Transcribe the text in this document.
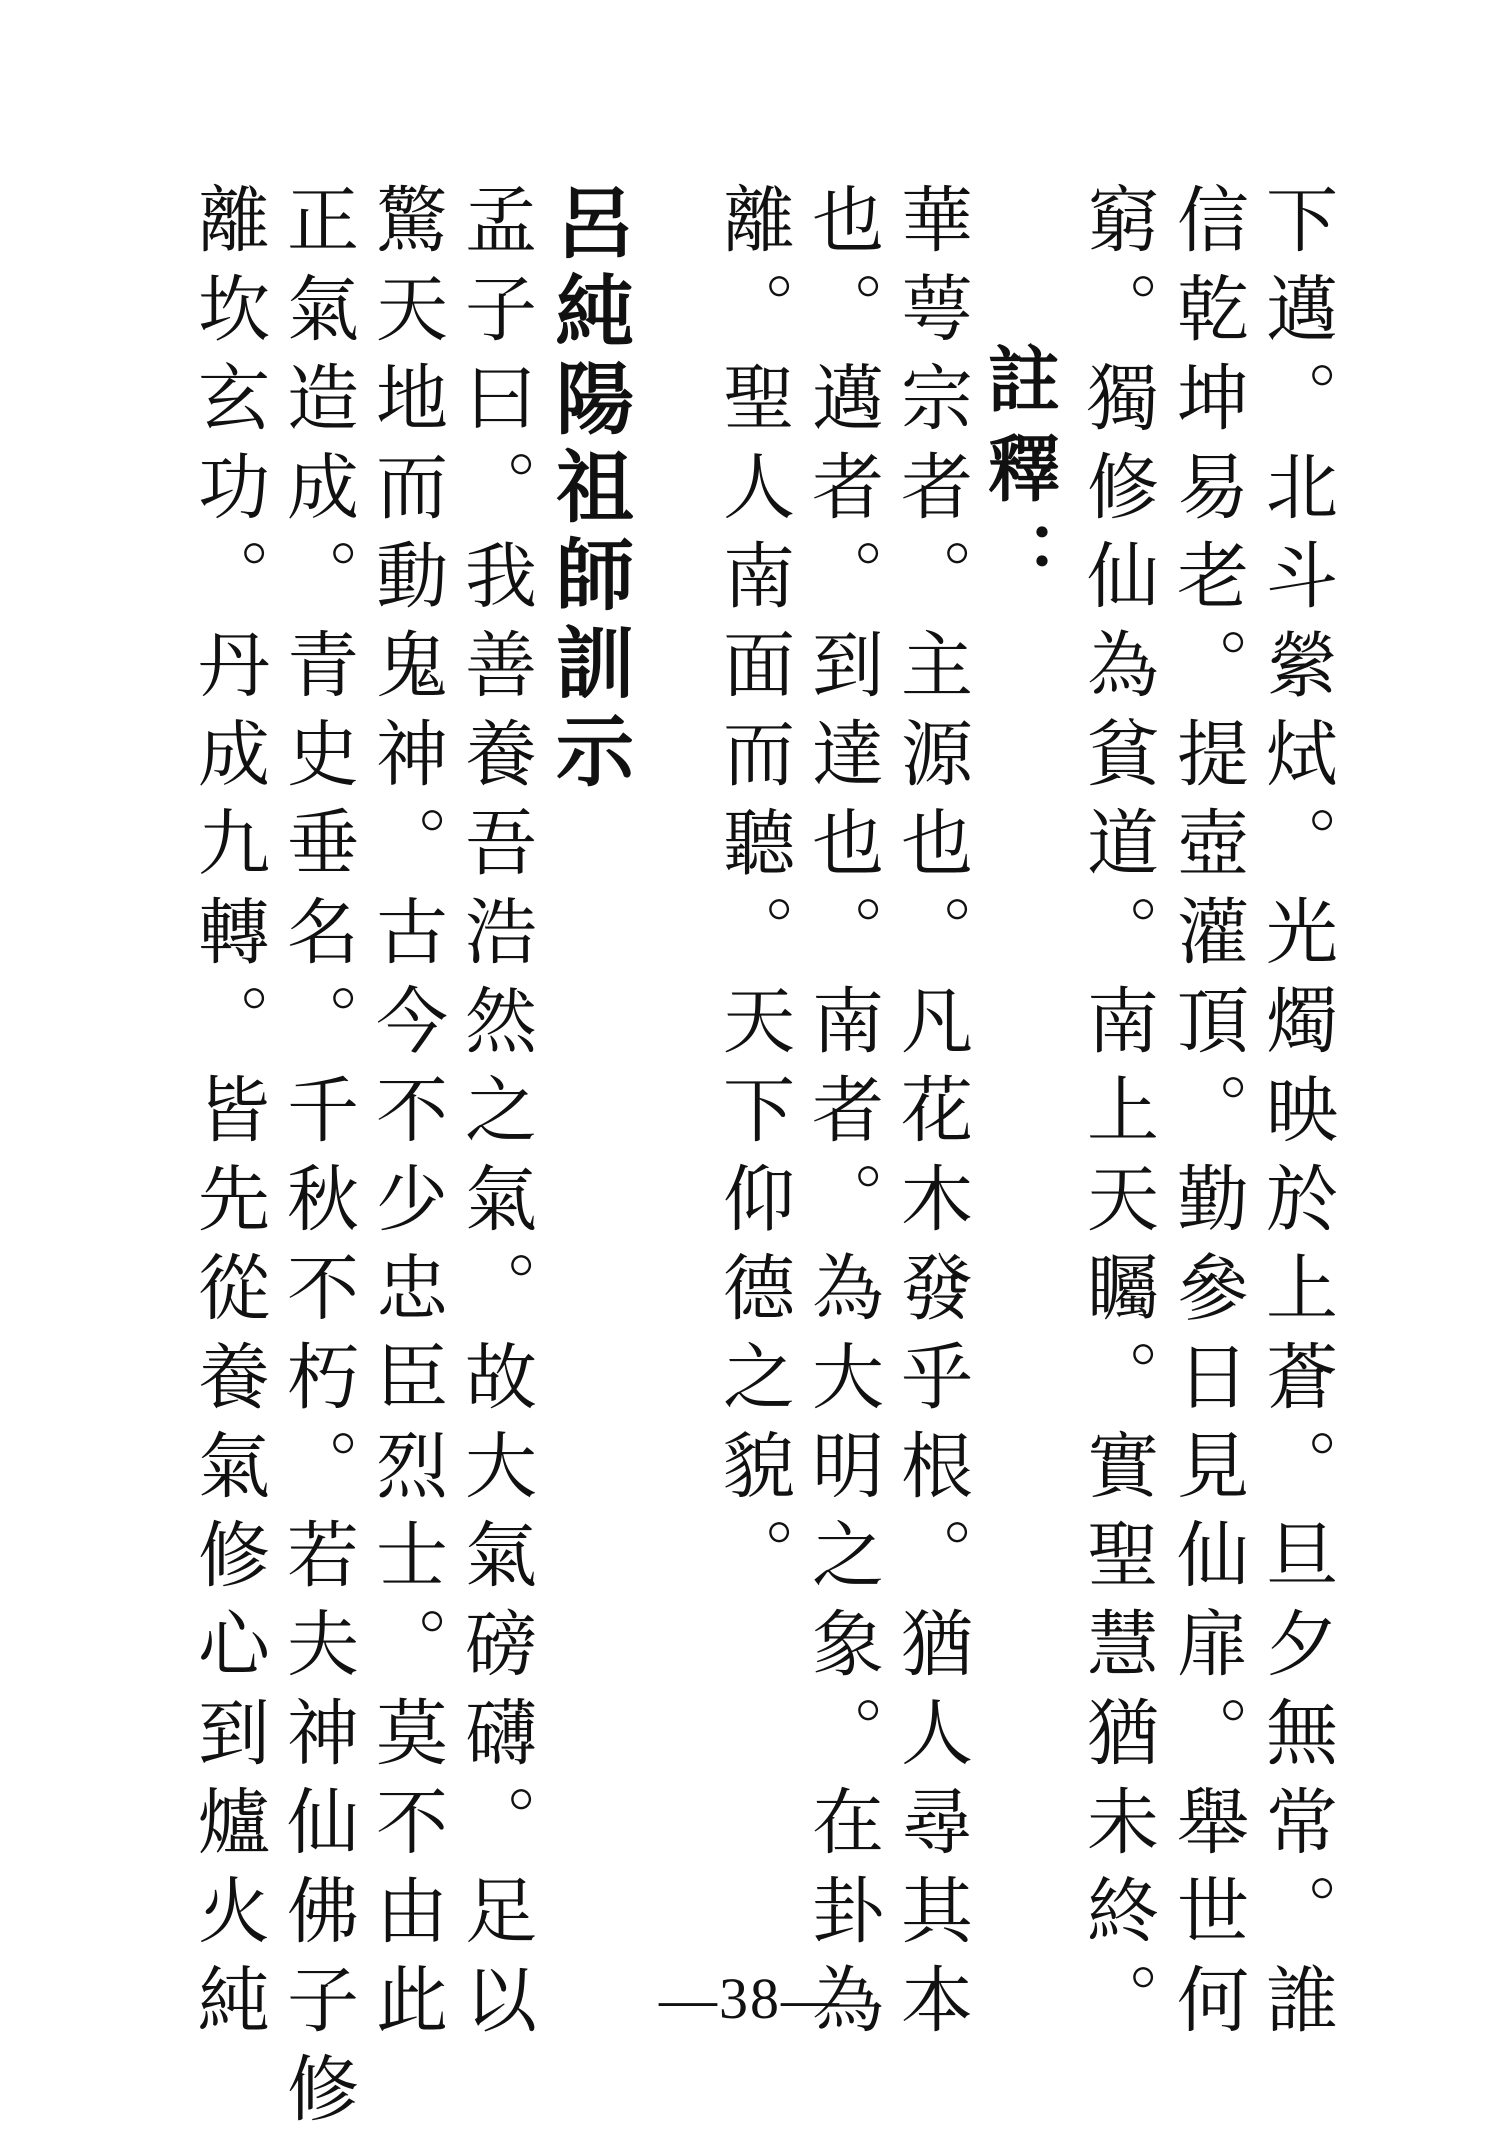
下邁。北斗縈烒。光燭映於上蒼。旦夕無常。誰

信乾坤易老。提壺灌頂。勤參日見仙扉。舉世何

窮。獨修仙為貧道。南上天矚。實聖慧猶未終。

註釋：

華萼宗者。主源也。凡花木發乎根。猶人尋其本

也。邁者。到達也。南者。為大明之象。在卦為

離。聖人南面而聽。天下仰德之貌。

呂純陽祖師訓示

孟子曰。我善養吾浩然之氣。故大氣磅礴。足以

驚天地而動鬼神。古今不少忠臣烈士。莫不由此

正氣造成。青史垂名。千秋不朽。若夫神仙佛子修

離坎玄功。丹成九轉。皆先從養氣修心到爐火純	—38—
